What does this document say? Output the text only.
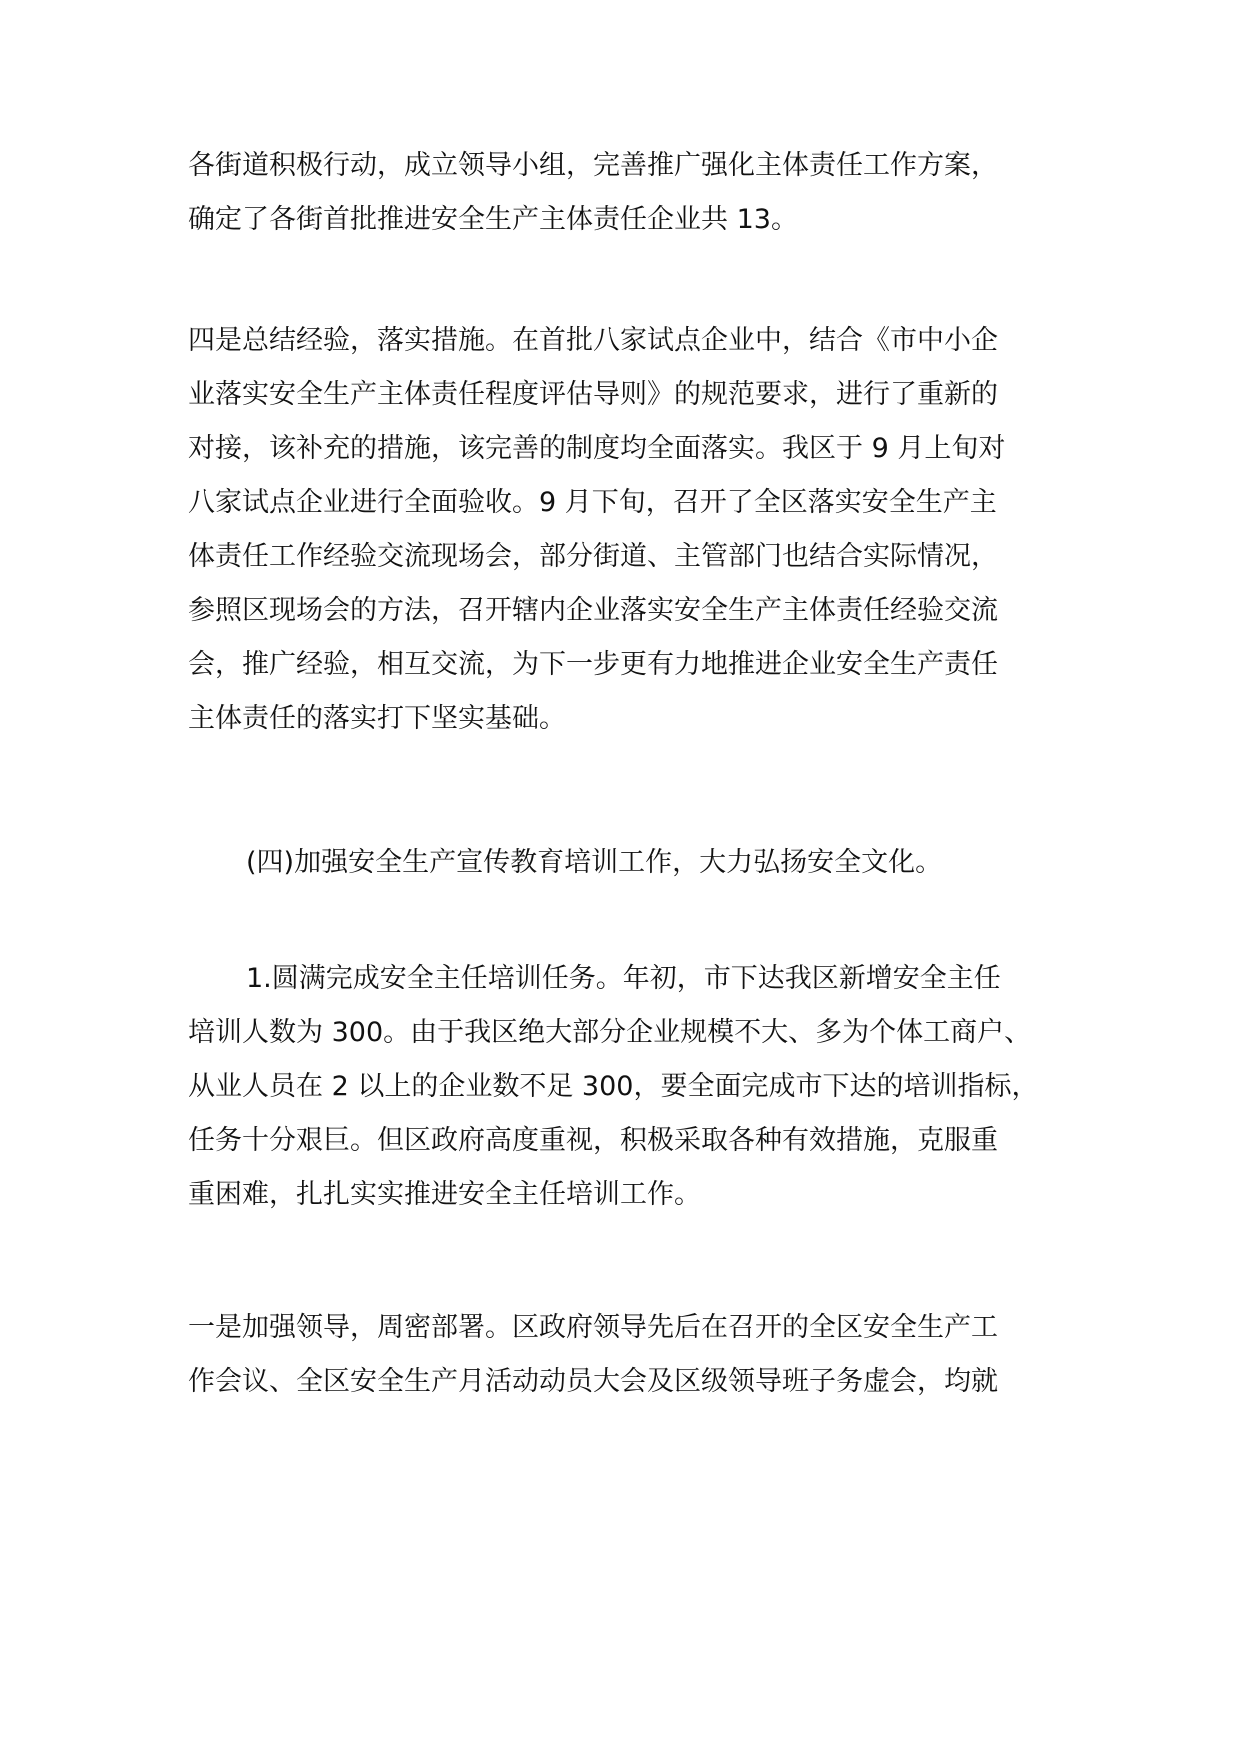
各街道积极行动，成立领导小组，完善推广强化主体责任工作方案，
确定了各街首批推进安全生产主体责任企业共 13。
四是总结经验，落实措施。在首批八家试点企业中，结合《市中小企
业落实安全生产主体责任程度评估导则》的规范要求，进行了重新的
对接，该补充的措施，该完善的制度均全面落实。我区于 9 月上旬对
八家试点企业进行全面验收。9 月下旬，召开了全区落实安全生产主
体责任工作经验交流现场会，部分街道、主管部门也结合实际情况，
参照区现场会的方法，召开辖内企业落实安全生产主体责任经验交流
会，推广经验，相互交流，为下一步更有力地推进企业安全生产责任
主体责任的落实打下坚实基础。
(四)加强安全生产宣传教育培训工作，大力弘扬安全文化。
1.圆满完成安全主任培训任务。年初，市下达我区新增安全主任
培训人数为 300。由于我区绝大部分企业规模不大、多为个体工商户、
从业人员在 2 以上的企业数不足 300，要全面完成市下达的培训指标，
任务十分艰巨。但区政府高度重视，积极采取各种有效措施，克服重
重困难，扎扎实实推进安全主任培训工作。
一是加强领导，周密部署。区政府领导先后在召开的全区安全生产工
作会议、全区安全生产月活动动员大会及区级领导班子务虚会，均就
